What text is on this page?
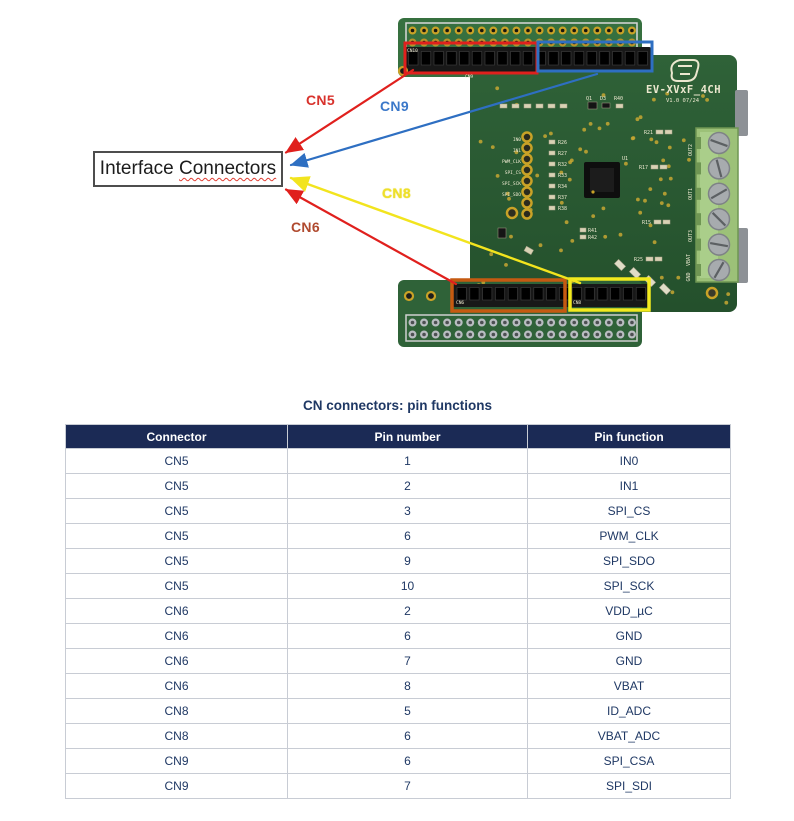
EV-XVxF_4CH
V1.0 07/24
CN10
CN9
CN6	CN8
OUT2
OUT1
OUT3
VBAT
GND
IN0
IN1
PWM_CLK
SPI_CS
SPI_SCK
SPI_SDO
Q1 D3 R40
R26
R27
R32
R33
R34
R37
R38
R41
R42
R21
R17
R15
R25
U1
Interface Connectors
CN5	CN9
CN8
CN6
CN connectors: pin functions
Connector	Pin number	Pin function
CN5	1	IN0
CN5	2	IN1
CN5	3	SPI_CS
CN5	6	PWM_CLK
CN5	9	SPI_SDO
CN5	10	SPI_SCK
CN6	2	VDD_µC
CN6	6	GND
CN6	7	GND
CN6	8	VBAT
CN8	5	ID_ADC
CN8	6	VBAT_ADC
CN9	6	SPI_CSA
CN9	7	SPI_SDI
